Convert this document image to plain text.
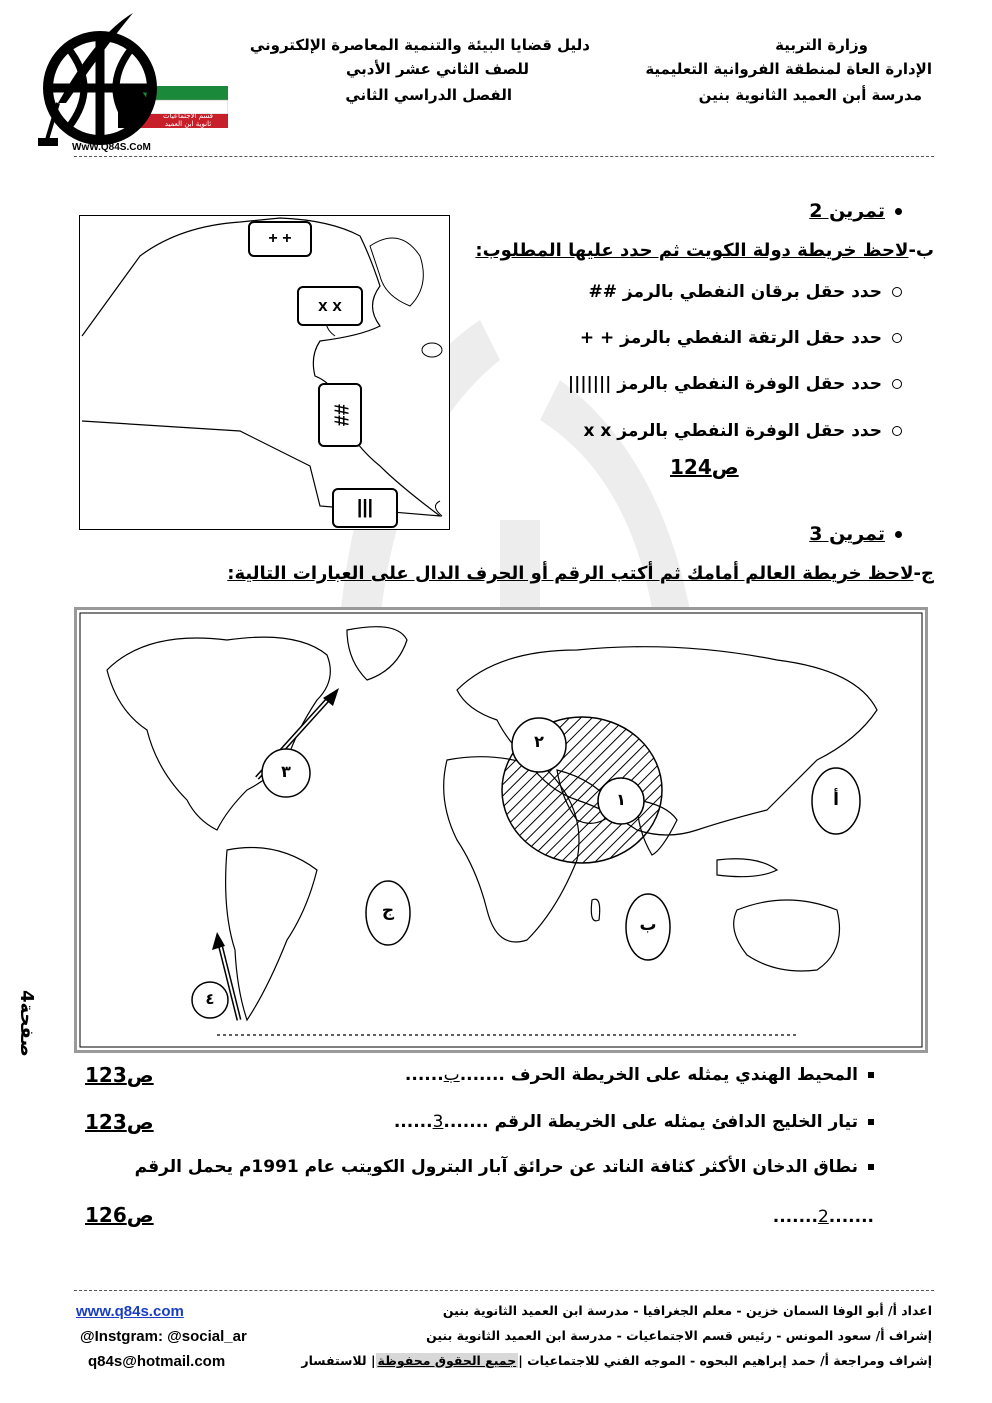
قسم الاجتماعيات
ثانوية ابن العميد
WwW.Q84S.CoM
دليل قضايا البيئة والتنمية المعاصرة الإلكتروني
للصف الثاني عشر الأدبي
الفصل الدراسي الثاني
وزارة التربية
الإدارة العاة لمنطقة الفروانية التعليمية
مدرسة أبن العميد الثانوية بنين
تمرين 2
ب-لاحظ خريطة دولة الكويت ثم حدد عليها المطلوب:
حدد حقل برقان النفطي بالرمز ##
حدد حقل الرتقة النفطي بالرمز + +
حدد حقل الوفرة النفطي بالرمز |||||||
حدد حقل الوفرة النفطي بالرمز x x
ص124
+ +
x x
##
|||
تمرين 3
ج-لاحظ خريطة العالم أمامك ثم أكتب الرقم أو الحرف الدال على العبارات التالية:
٢
١
٣
٤
أ
ب
ج
صفحة4
المحيط الهندي يمثله على الخريطة الحرف .......ب......
ص123
تيار الخليج الدافئ يمثله على الخريطة الرقم .......3......
ص123
نطاق الدخان الأكثر كثافة الناتد عن حرائق آبار البترول الكويتب عام 1991م يحمل الرقم
.......2.......
ص126
اعداد أ/ أبو الوفا السمان خزين - معلم الجغرافيا - مدرسة ابن العميد الثانوية بنين
إشراف أ/ سعود المونس - رئيس قسم الاجتماعيات - مدرسة ابن العميد الثانوية بنين
إشراف ومراجعة أ/ حمد إبراهيم البحوه - الموجه الفني للاجتماعيات |جميع الحقوق محفوظة| للاستفسار
www.q84s.com
@Instgram: @social_ar
q84s@hotmail.com
